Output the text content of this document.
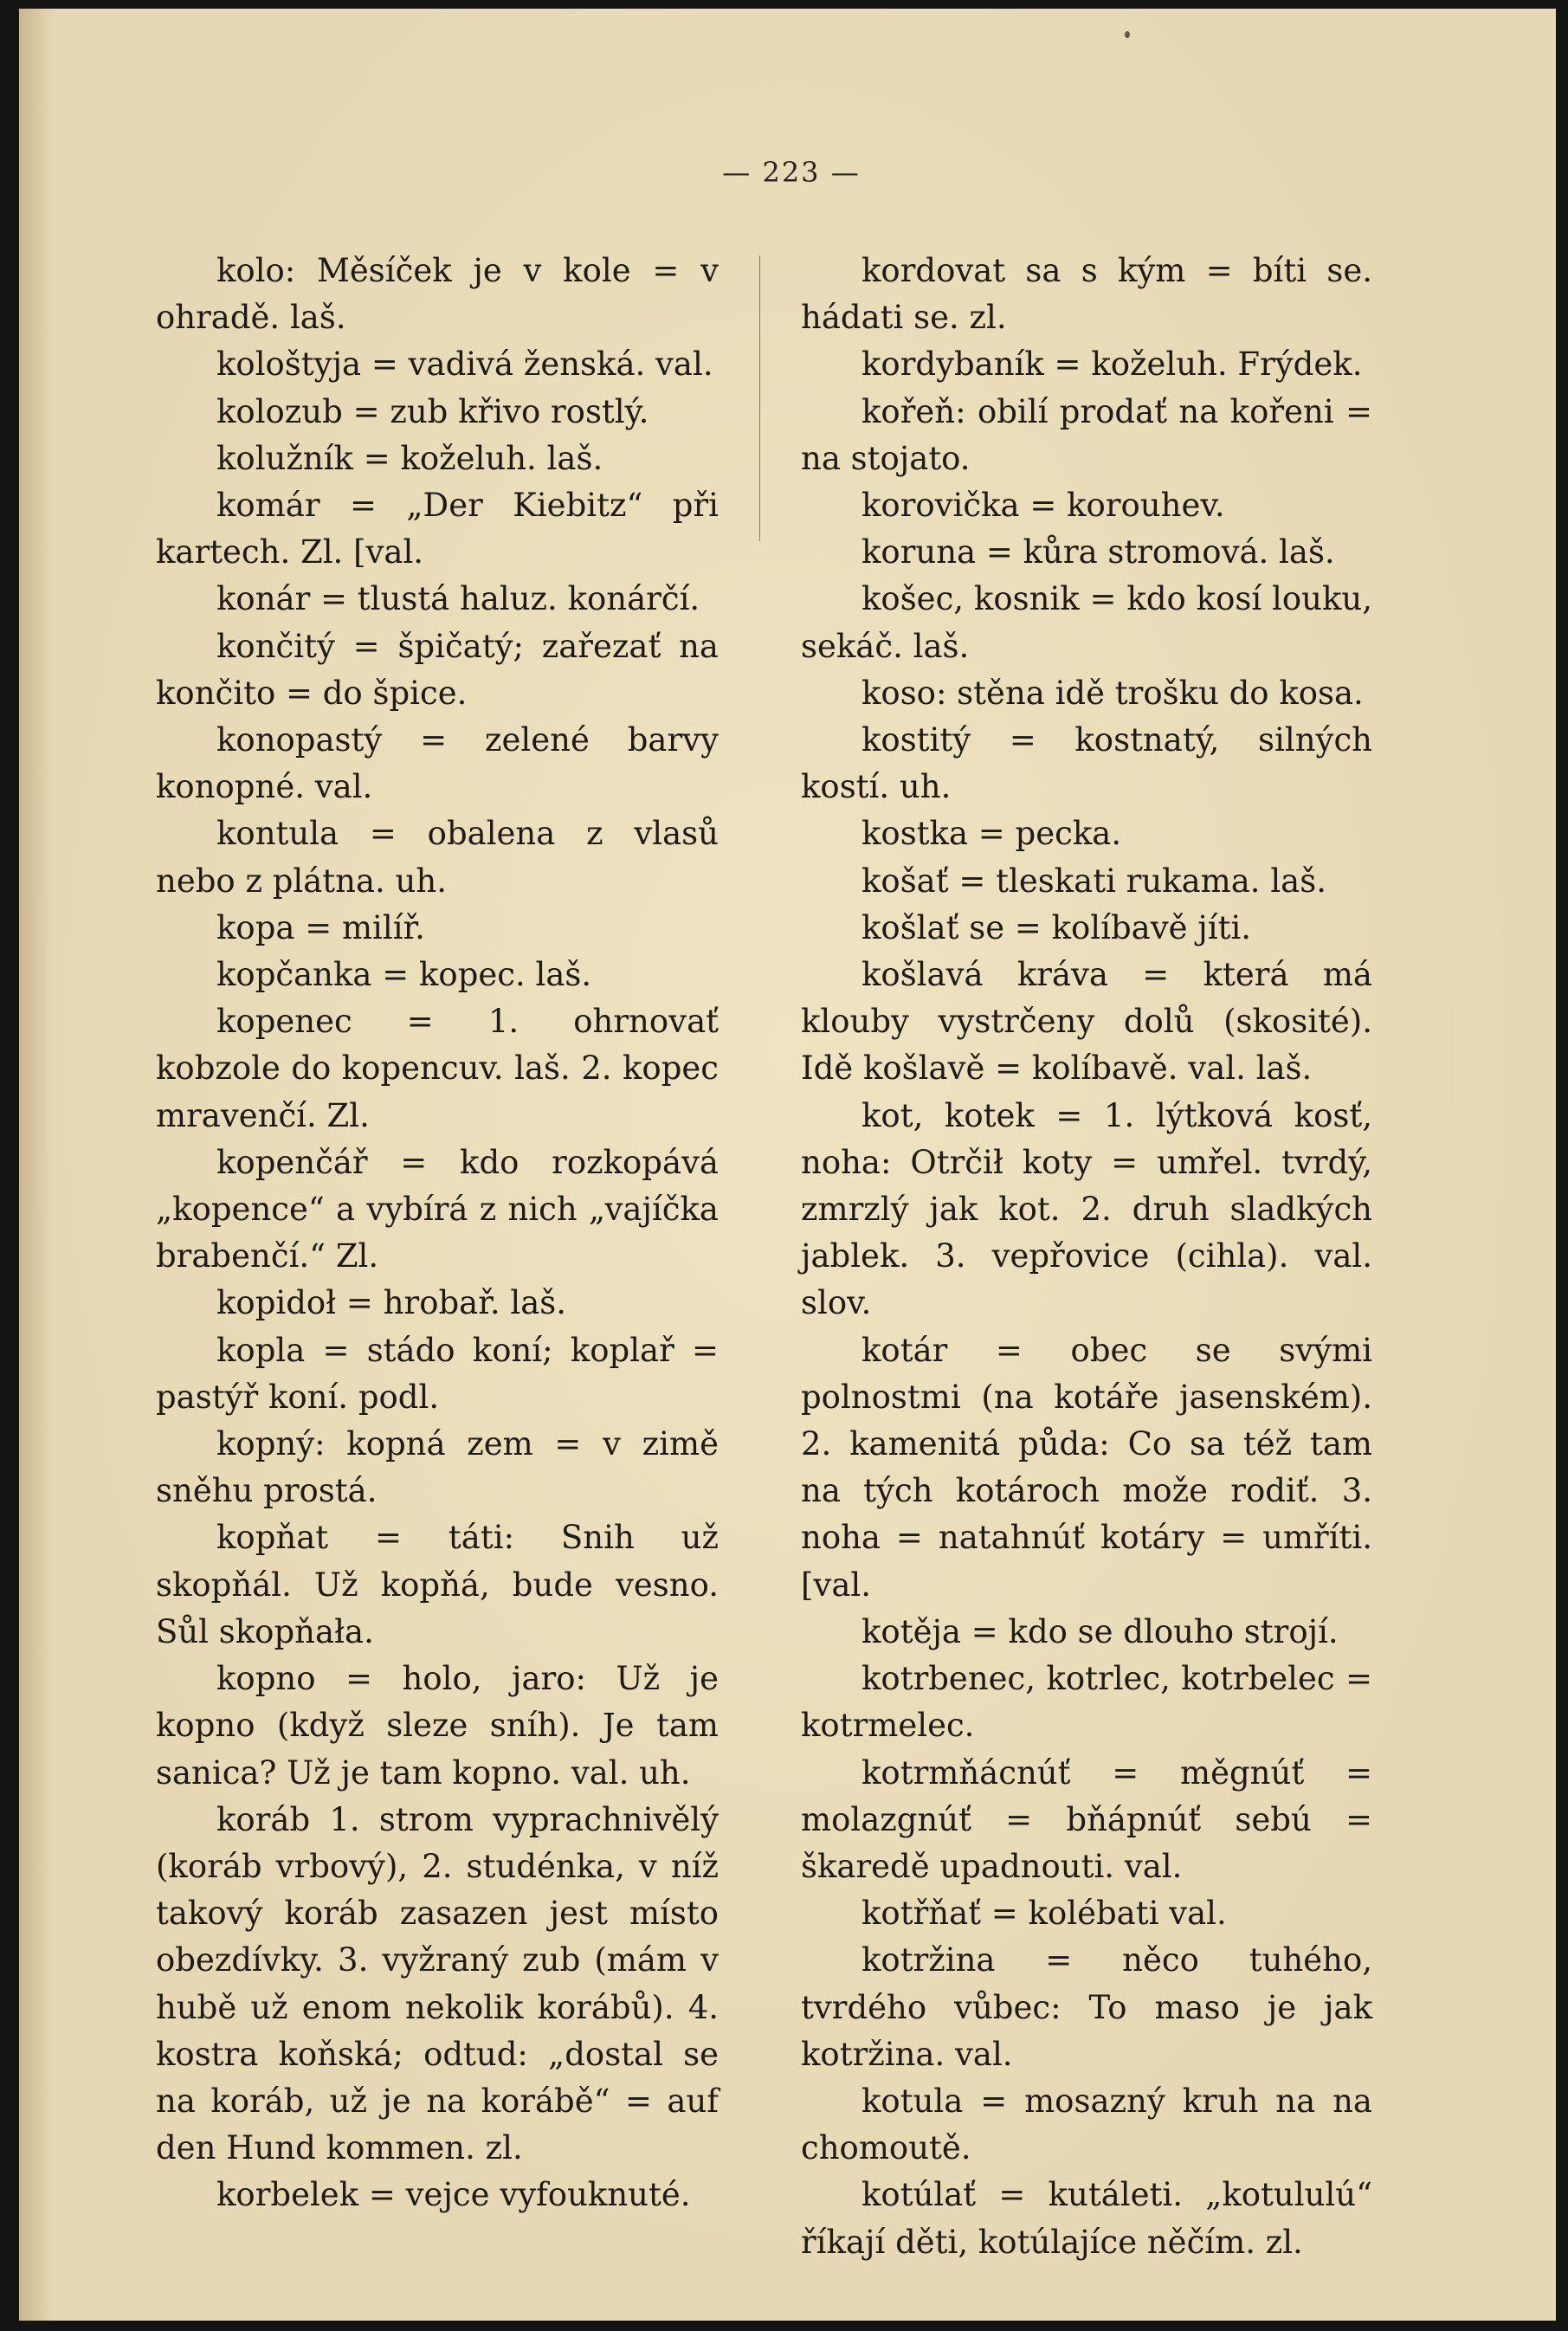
— 223 —

kolo: Měsíček je v kole = v ohradě. laš.

kološtyja = vadivá ženská. val.

kolozub = zub křivo rostlý.

kolužník = koželuh. laš.

komár = „Der Kiebitz“ při kartech. Zl. [val.

konár = tlustá haluz. konárčí.

končitý = špičatý; zařezať na končito = do špice.

konopastý = zelené barvy konopné. val.

kontula = obalena z vlasů nebo z plátna. uh.

kopa = milíř.

kopčanka = kopec. laš.

kopenec = 1. ohrnovať kobzole do kopencuv. laš. 2. kopec mravenčí. Zl.

kopenčář = kdo rozkopává „kopence“ a vybírá z nich „vajíčka brabenčí.“ Zl.

kopidoł = hrobař. laš.

kopla = stádo koní; koplař = pastýř koní. podl.

kopný: kopná zem = v zimě sněhu prostá.

kopňat = táti: Snih už skopňál. Už kopňá, bude vesno. Sůl skopňała.

kopno = holo, jaro: Už je kopno (když sleze sníh). Je tam sanica? Už je tam kopno. val. uh.

koráb 1. strom vyprachnivělý (koráb vrbový), 2. studénka, v níž takový koráb zasazen jest místo obezdívky. 3. vyžraný zub (mám v hubě už enom nekolik korábů). 4. kostra koňská; odtud: „dostal se na koráb, už je na korábě“ = auf den Hund kommen. zl.

korbelek = vejce vyfouknuté.

kordovat sa s kým = bíti se. hádati se. zl.

kordybaník = koželuh. Frýdek.

kořeň: obilí prodať na kořeni = na stojato.

korovička = korouhev.

koruna = kůra stromová. laš.

košec, kosnik = kdo kosí louku, sekáč. laš.

koso: stěna idě trošku do kosa.

kostitý = kostnatý, silných kostí. uh.

kostka = pecka.

košať = tleskati rukama. laš.

košlať se = kolíbavě jíti.

košlavá kráva = která má klouby vystrčeny dolů (skosité). Idě košlavě = kolíbavě. val. laš.

kot, kotek = 1. lýtková kosť, noha: Otrčił koty = umřel. tvrdý, zmrzlý jak kot. 2. druh sladkých jablek. 3. vepřovice (cihla). val. slov.

kotár = obec se svými polnostmi (na kotáře jasenském). 2. kamenitá půda: Co sa též tam na tých kotároch može rodiť. 3. noha = natahnúť kotáry = umříti. [val.

kotěja = kdo se dlouho strojí.

kotrbenec, kotrlec, kotrbelec = kotrmelec.

kotrmňácnúť = měgnúť = molazgnúť = bňápnúť sebú = škaredě upadnouti. val.

kotřňať = kolébati val.

kotržina = něco tuhého, tvrdého vůbec: To maso je jak kotržina. val.

kotula = mosazný kruh na na chomoutě.

kotúlať = kutáleti. „kotululú“ říkají děti, kotúlajíce něčím. zl.
